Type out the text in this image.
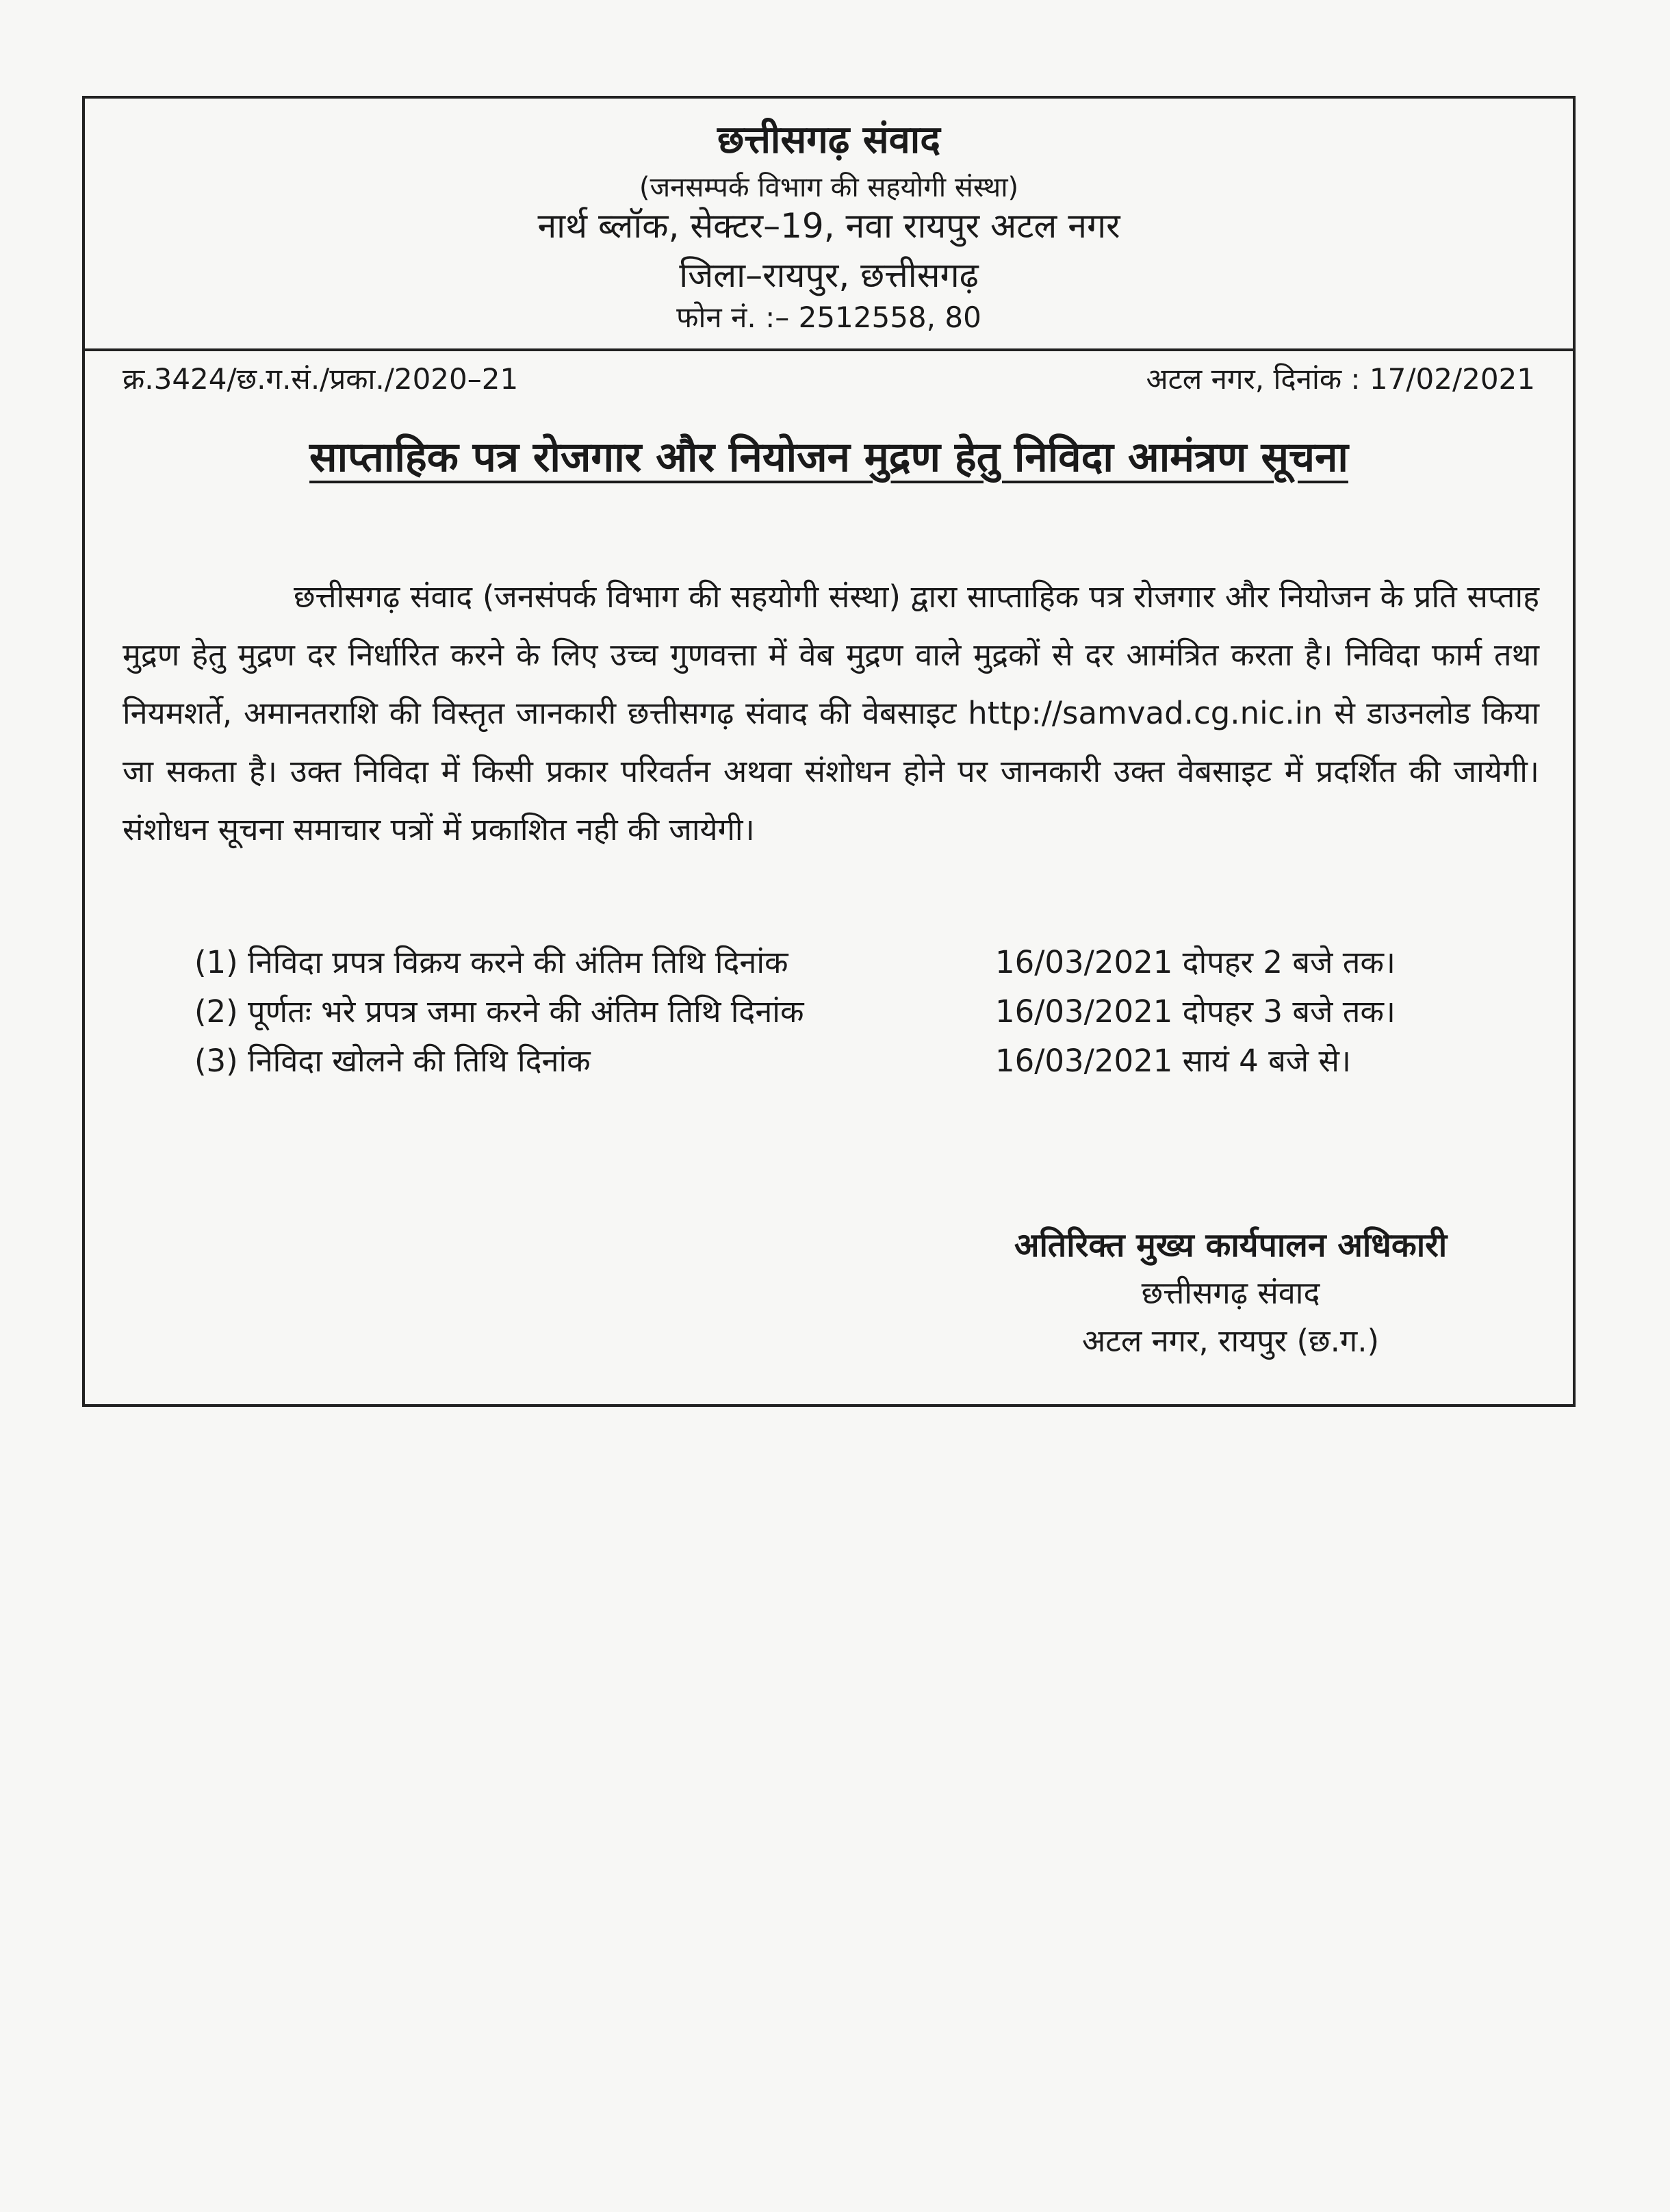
छत्तीसगढ़ संवाद
(जनसम्पर्क विभाग की सहयोगी संस्था)
नार्थ ब्लॉक, सेक्टर–19, नवा रायपुर अटल नगर
जिला–रायपुर, छत्तीसगढ़
फोन नं. :– 2512558, 80
क्र.3424/छ.ग.सं./प्रका./2020–21	अटल नगर, दिनांक : 17/02/2021
साप्ताहिक पत्र रोजगार और नियोजन मुद्रण हेतु निविदा आमंत्रण सूचना

छत्तीसगढ़ संवाद (जनसंपर्क विभाग की सहयोगी संस्था) द्वारा साप्ताहिक पत्र रोजगार और नियोजन के प्रति सप्ताह मुद्रण हेतु मुद्रण दर निर्धारित करने के लिए उच्च गुणवत्ता में वेब मुद्रण वाले मुद्रकों से दर आमंत्रित करता है। निविदा फार्म तथा नियमशर्ते, अमानतराशि की विस्तृत जानकारी छत्तीसगढ़ संवाद की वेबसाइट http://samvad.cg.nic.in से डाउनलोड किया जा सकता है। उक्त निविदा में किसी प्रकार परिवर्तन अथवा संशोधन होने पर जानकारी उक्त वेबसाइट में प्रदर्शित की जायेगी। संशोधन सूचना समाचार पत्रों में प्रकाशित नही की जायेगी।

(1) निविदा प्रपत्र विक्रय करने की अंतिम तिथि दिनांक	16/03/2021 दोपहर 2 बजे तक।
(2) पूर्णतः भरे प्रपत्र जमा करने की अंतिम तिथि दिनांक	16/03/2021 दोपहर 3 बजे तक।
(3) निविदा खोलने की तिथि दिनांक	16/03/2021 सायं 4 बजे से।
अतिरिक्त मुख्य कार्यपालन अधिकारी
छत्तीसगढ़ संवाद
अटल नगर, रायपुर (छ.ग.)
